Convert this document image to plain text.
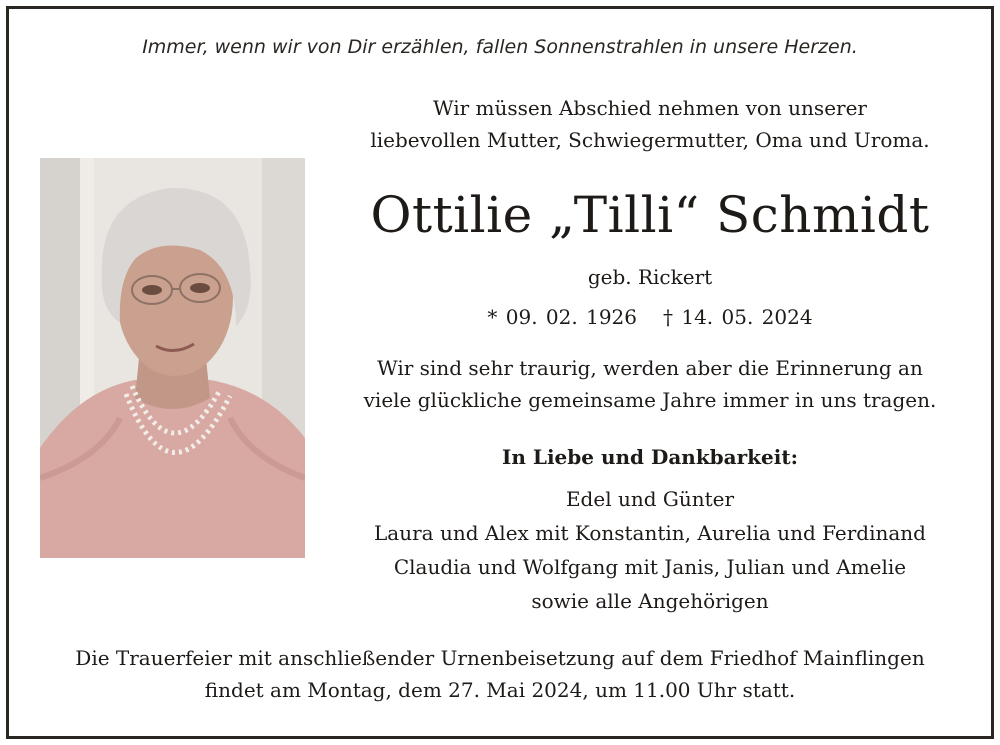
Immer, wenn wir von Dir erzählen, fallen Sonnenstrahlen in unsere Herzen.
Wir müssen Abschied nehmen von unserer
liebevollen Mutter, Schwiegermutter, Oma und Uroma.
Ottilie „Tilli“ Schmidt
geb. Rickert
* 09. 02. 1926 † 14. 05. 2024
Wir sind sehr traurig, werden aber die Erinnerung an
viele glückliche gemeinsame Jahre immer in uns tragen.
In Liebe und Dankbarkeit:
Edel und Günter
Laura und Alex mit Konstantin, Aurelia und Ferdinand
Claudia und Wolfgang mit Janis, Julian und Amelie
sowie alle Angehörigen
Die Trauerfeier mit anschließender Urnenbeisetzung auf dem Friedhof Mainflingen
findet am Montag, dem 27. Mai 2024, um 11.00 Uhr statt.
